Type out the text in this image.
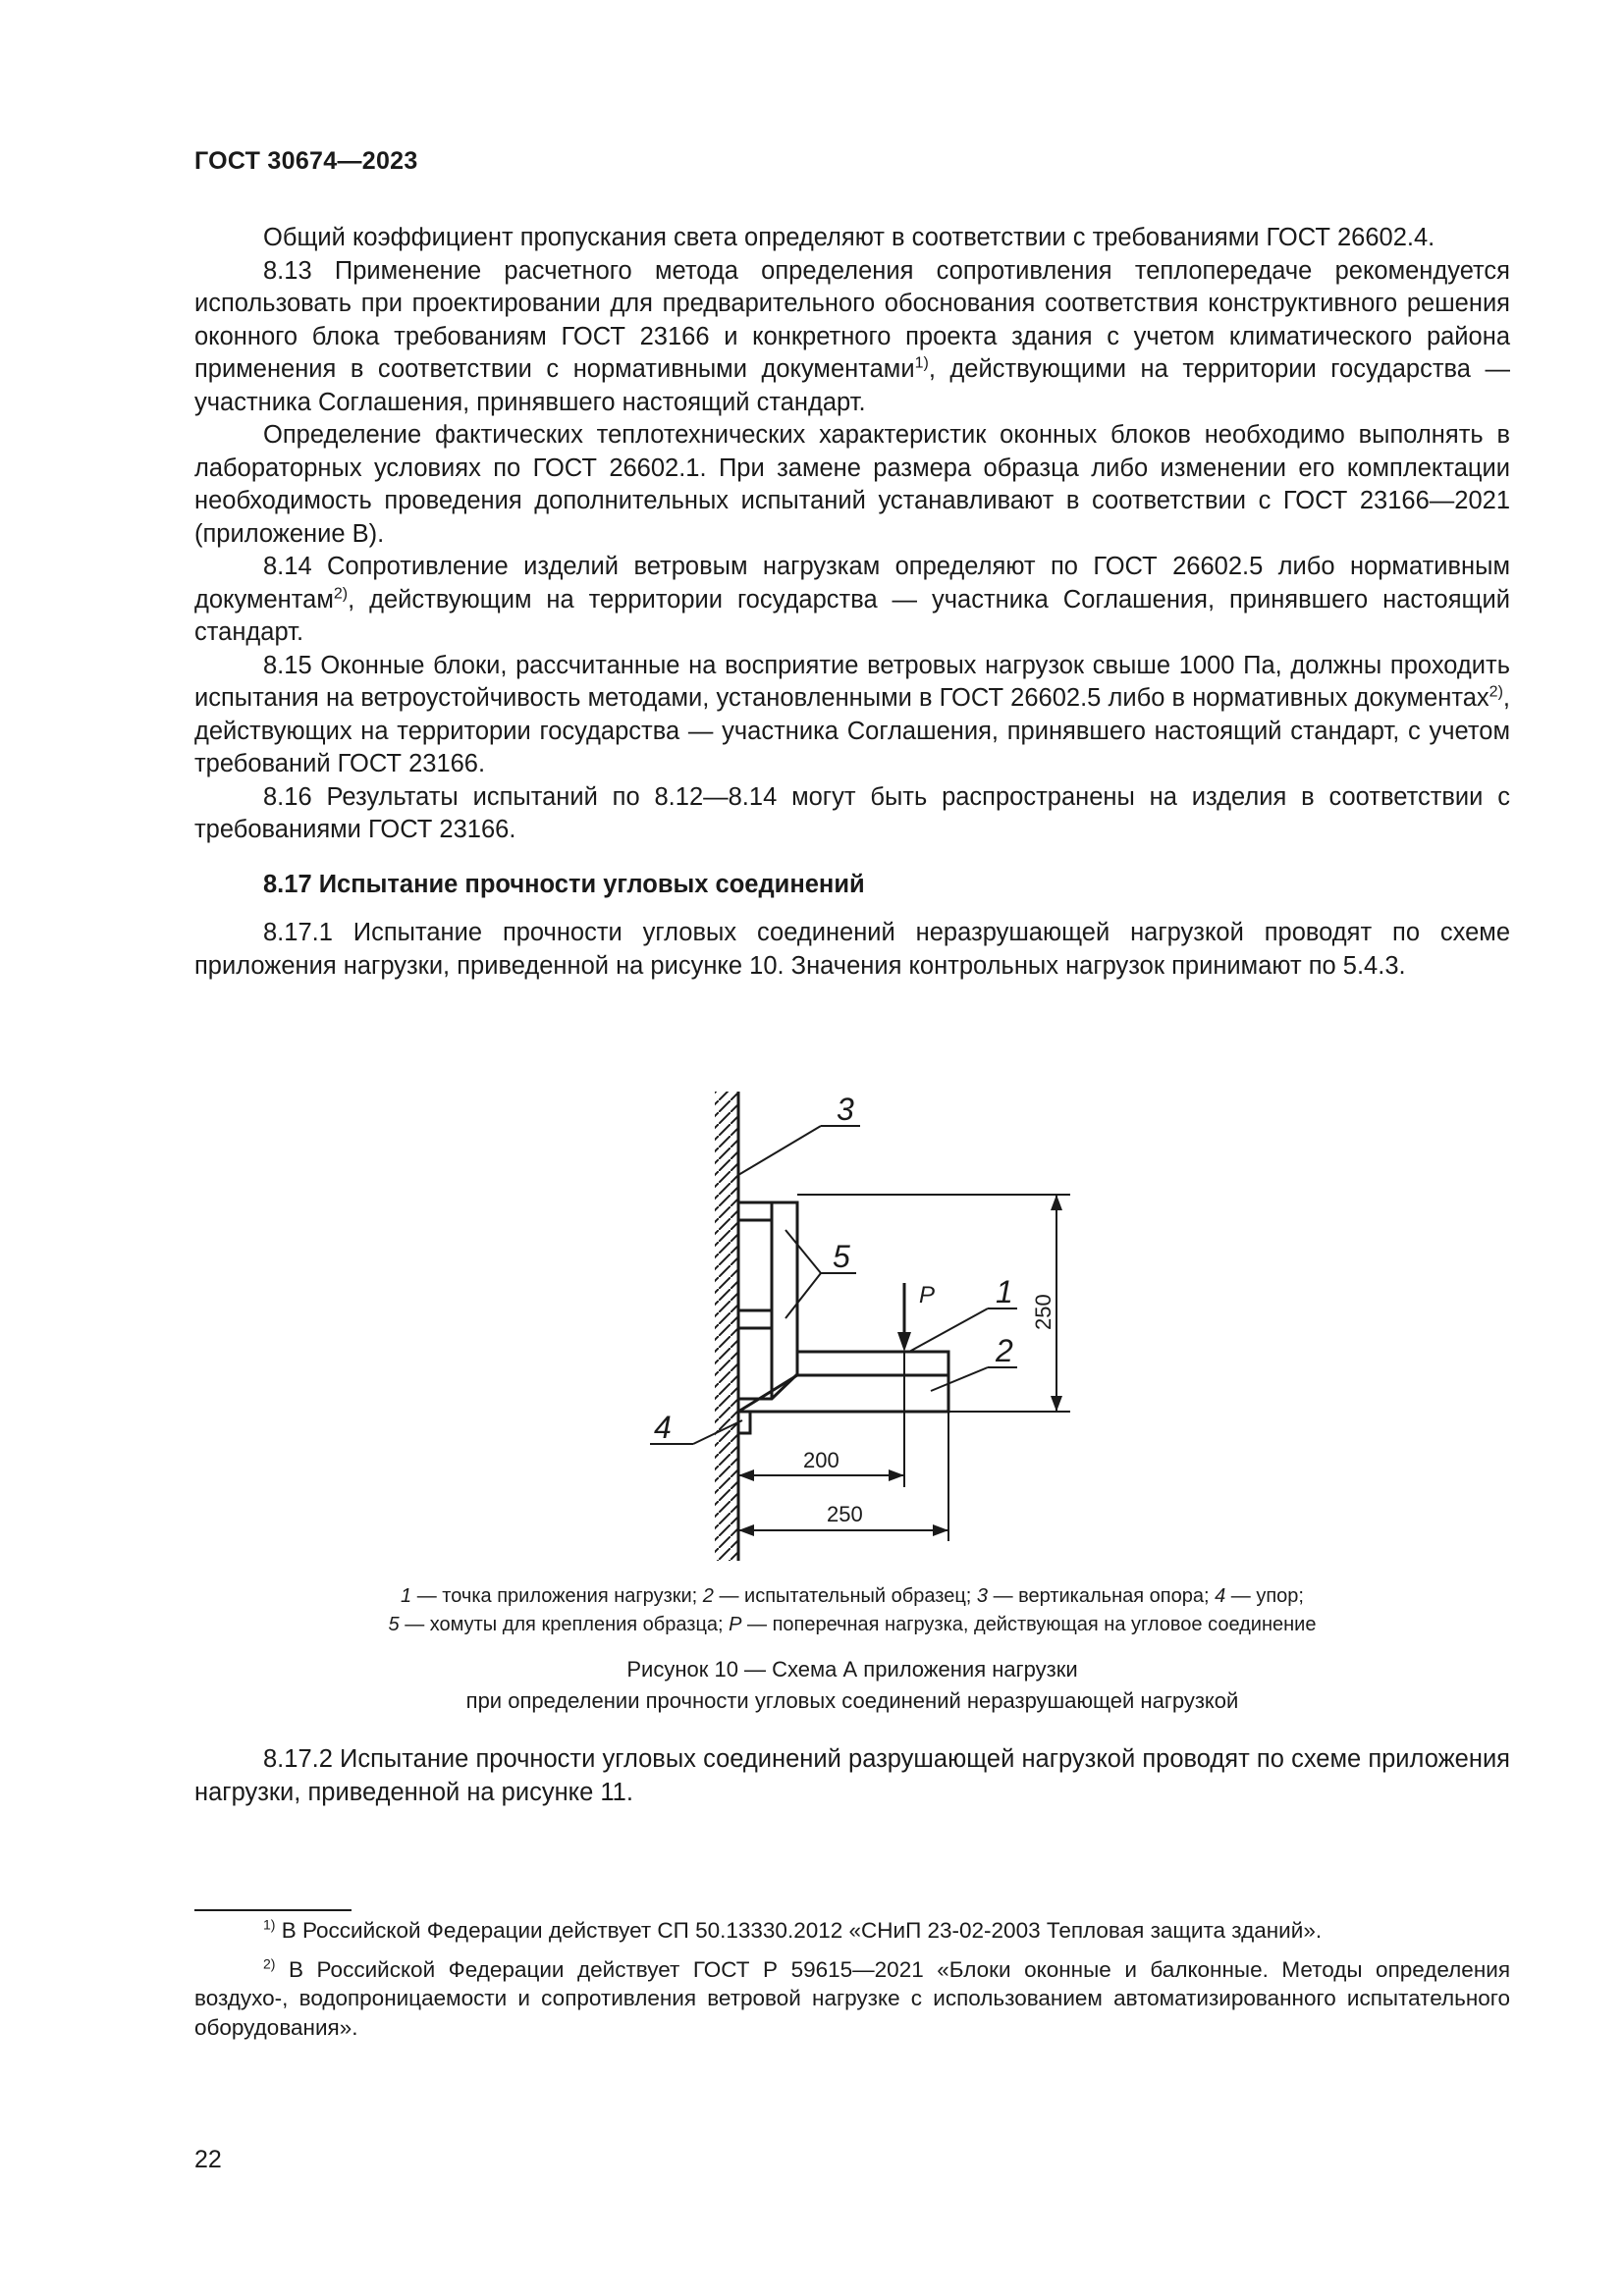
ГОСТ 30674—2023

Общий коэффициент пропускания света определяют в соответствии с требованиями ГОСТ 26602.4.

8.13 Применение расчетного метода определения сопротивления теплопередаче рекомендуется использовать при проектировании для предварительного обоснования соответствия конструктивного решения оконного блока требованиям ГОСТ 23166 и конкретного проекта здания с учетом климатического района применения в соответствии с нормативными документами$^{1)}$, действующими на территории государства — участника Соглашения, принявшего настоящий стандарт.

Определение фактических теплотехнических характеристик оконных блоков необходимо выполнять в лабораторных условиях по ГОСТ 26602.1. При замене размера образца либо изменении его комплектации необходимость проведения дополнительных испытаний устанавливают в соответствии с ГОСТ 23166—2021 (приложение В).

8.14 Сопротивление изделий ветровым нагрузкам определяют по ГОСТ 26602.5 либо нормативным документам$^{2)}$, действующим на территории государства — участника Соглашения, принявшего настоящий стандарт.

8.15 Оконные блоки, рассчитанные на восприятие ветровых нагрузок свыше 1000 Па, должны проходить испытания на ветроустойчивость методами, установленными в ГОСТ 26602.5 либо в нормативных документах$^{2)}$, действующих на территории государства — участника Соглашения, принявшего настоящий стандарт, с учетом требований ГОСТ 23166.

8.16 Результаты испытаний по 8.12—8.14 могут быть распространены на изделия в соответствии с требованиями ГОСТ 23166.

8.17 Испытание прочности угловых соединений

8.17.1 Испытание прочности угловых соединений неразрушающей нагрузкой проводят по схеме приложения нагрузки, приведенной на рисунке 10. Значения контрольных нагрузок принимают по 5.4.3.

P	250
200
250
3
5
1
2
4
1 — точка приложения нагрузки; 2 — испытательный образец; 3 — вертикальная опора; 4 — упор;
5 — хомуты для крепления образца; P — поперечная нагрузка, действующая на угловое соединение
Рисунок 10 — Схема А приложения нагрузки
при определении прочности угловых соединений неразрушающей нагрузкой

8.17.2 Испытание прочности угловых соединений разрушающей нагрузкой проводят по схеме приложения нагрузки, приведенной на рисунке 11.

$^{1)}$ В Российской Федерации действует СП 50.13330.2012 «СНиП 23-02-2003 Тепловая защита зданий».

$^{2)}$ В Российской Федерации действует ГОСТ Р 59615—2021 «Блоки оконные и балконные. Методы определения воздухо-, водопроницаемости и сопротивления ветровой нагрузке с использованием автоматизированного испытательного оборудования».

22
